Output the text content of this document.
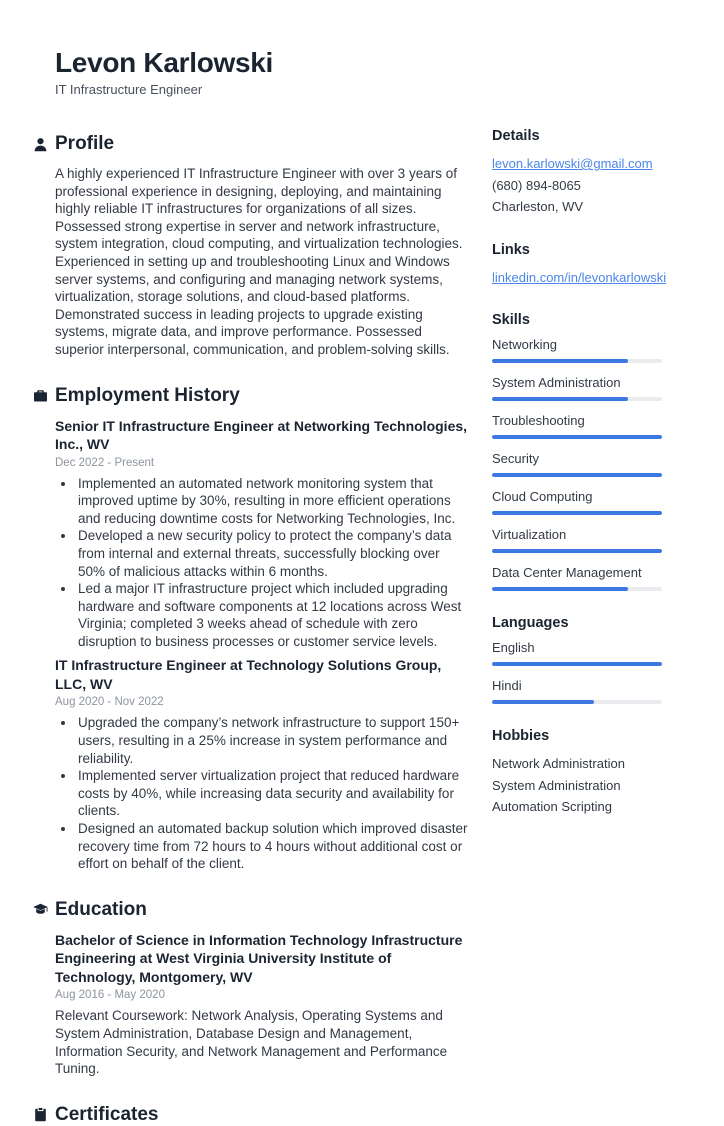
Levon Karlowski
IT Infrastructure Engineer
Profile

A highly experienced IT Infrastructure Engineer with over 3 years of professional experience in designing, deploying, and maintaining highly reliable IT infrastructures for organizations of all sizes. Possessed strong expertise in server and network infrastructure, system integration, cloud computing, and virtualization technologies. Experienced in setting up and troubleshooting Linux and Windows server systems, and configuring and managing network systems, virtualization, storage solutions, and cloud-based platforms. Demonstrated success in leading projects to upgrade existing systems, migrate data, and improve performance. Possessed superior interpersonal, communication, and problem-solving skills.

Employment History
Senior IT Infrastructure Engineer at Networking Technologies, Inc., WV
Dec 2022 - Present
• Implemented an automated network monitoring system that improved uptime by 30%, resulting in more efficient operations and reducing downtime costs for Networking Technologies, Inc.
• Developed a new security policy to protect the company’s data from internal and external threats, successfully blocking over 50% of malicious attacks within 6 months.
• Led a major IT infrastructure project which included upgrading hardware and software components at 12 locations across West Virginia; completed 3 weeks ahead of schedule with zero disruption to business processes or customer service levels.
IT Infrastructure Engineer at Technology Solutions Group, LLC, WV
Aug 2020 - Nov 2022
• Upgraded the company’s network infrastructure to support 150+ users, resulting in a 25% increase in system performance and reliability.
• Implemented server virtualization project that reduced hardware costs by 40%, while increasing data security and availability for clients.
• Designed an automated backup solution which improved disaster recovery time from 72 hours to 4 hours without additional cost or effort on behalf of the client.
Education
Bachelor of Science in Information Technology Infrastructure Engineering at West Virginia University Institute of Technology, Montgomery, WV
Aug 2016 - May 2020

Relevant Coursework: Network Analysis, Operating Systems and System Administration, Database Design and Management, Information Security, and Network Management and Performance Tuning.

Certificates
Details
levon.karlowski@gmail.com
(680) 894-8065
Charleston, WV
Links
linkedin.com/in/levonkarlowski
Skills
Networking
System Administration
Troubleshooting
Security
Cloud Computing
Virtualization
Data Center Management
Languages
English
Hindi
Hobbies
Network Administration
System Administration
Automation Scripting
